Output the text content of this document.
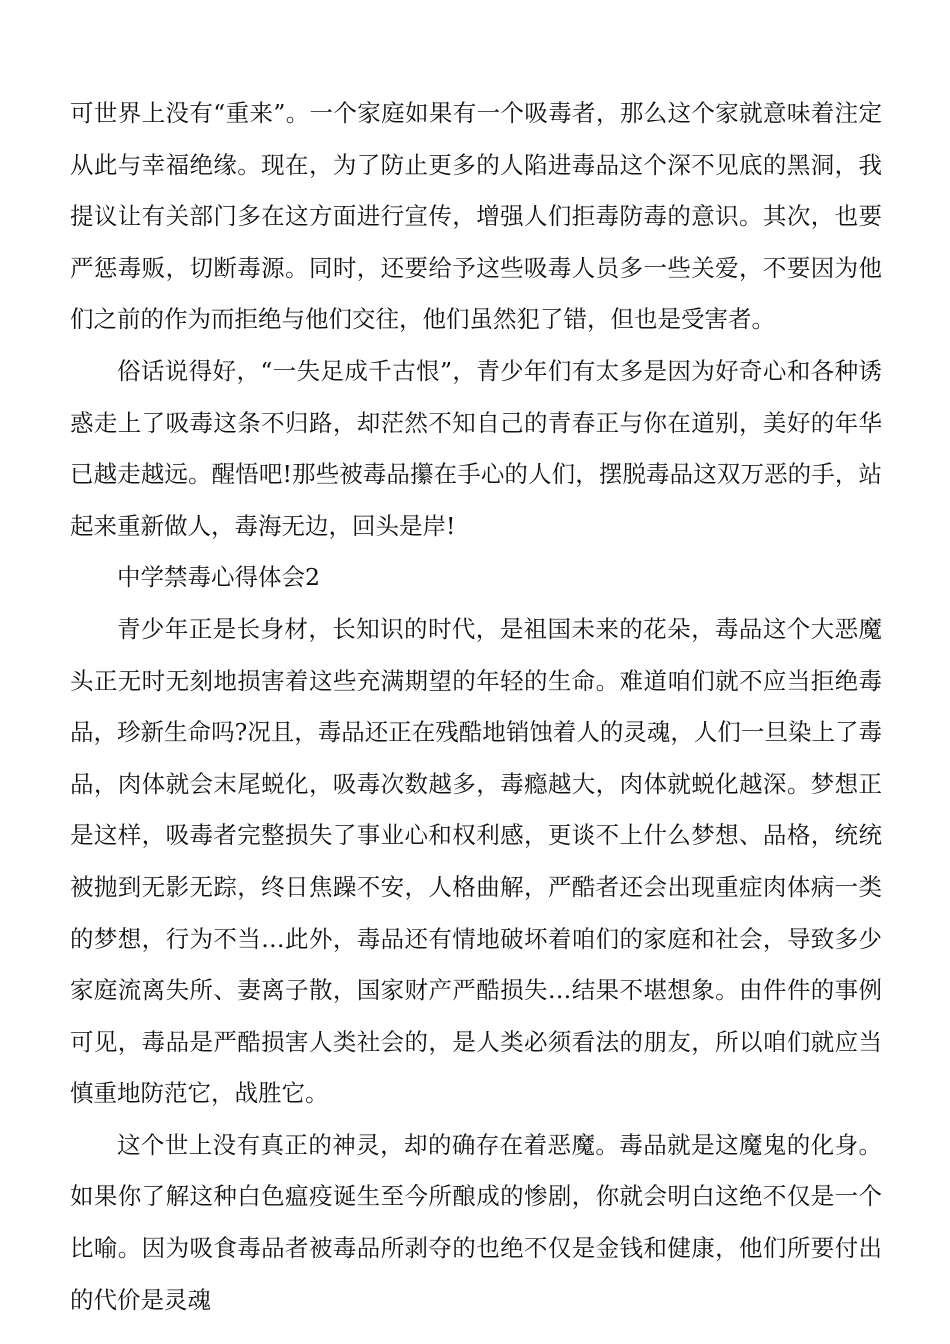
可世界上没有“重来”。一个家庭如果有一个吸毒者，那么这个家就意味着注定从此与幸福绝缘。现在，为了防止更多的人陷进毒品这个深不见底的黑洞，我提议让有关部门多在这方面进行宣传，增强人们拒毒防毒的意识。其次，也要严惩毒贩，切断毒源。同时，还要给予这些吸毒人员多一些关爱，不要因为他们之前的作为而拒绝与他们交往，他们虽然犯了错，但也是受害者。

俗话说得好，“一失足成千古恨”，青少年们有太多是因为好奇心和各种诱惑走上了吸毒这条不归路，却茫然不知自己的青春正与你在道别，美好的年华已越走越远。醒悟吧!那些被毒品攥在手心的人们，摆脱毒品这双万恶的手，站起来重新做人，毒海无边，回头是岸!

中学禁毒心得体会2

青少年正是长身材，长知识的时代，是祖国未来的花朵，毒品这个大恶魔头正无时无刻地损害着这些充满期望的年轻的生命。难道咱们就不应当拒绝毒品，珍新生命吗?况且，毒品还正在残酷地销蚀着人的灵魂，人们一旦染上了毒品，肉体就会末尾蜕化，吸毒次数越多，毒瘾越大，肉体就蜕化越深。梦想正是这样，吸毒者完整损失了事业心和权利感，更谈不上什么梦想、品格，统统被抛到无影无踪，终日焦躁不安，人格曲解，严酷者还会出现重症肉体病一类的梦想，行为不当…此外，毒品还有情地破坏着咱们的家庭和社会，导致多少家庭流离失所、妻离子散，国家财产严酷损失…结果不堪想象。由件件的事例可见，毒品是严酷损害人类社会的，是人类必须看法的朋友，所以咱们就应当慎重地防范它，战胜它。

这个世上没有真正的神灵，却的确存在着恶魔。毒品就是这魔鬼的化身。如果你了解这种白色瘟疫诞生至今所酿成的惨剧，你就会明白这绝不仅是一个比喻。因为吸食毒品者被毒品所剥夺的也绝不仅是金钱和健康，他们所要付出的代价是灵魂
